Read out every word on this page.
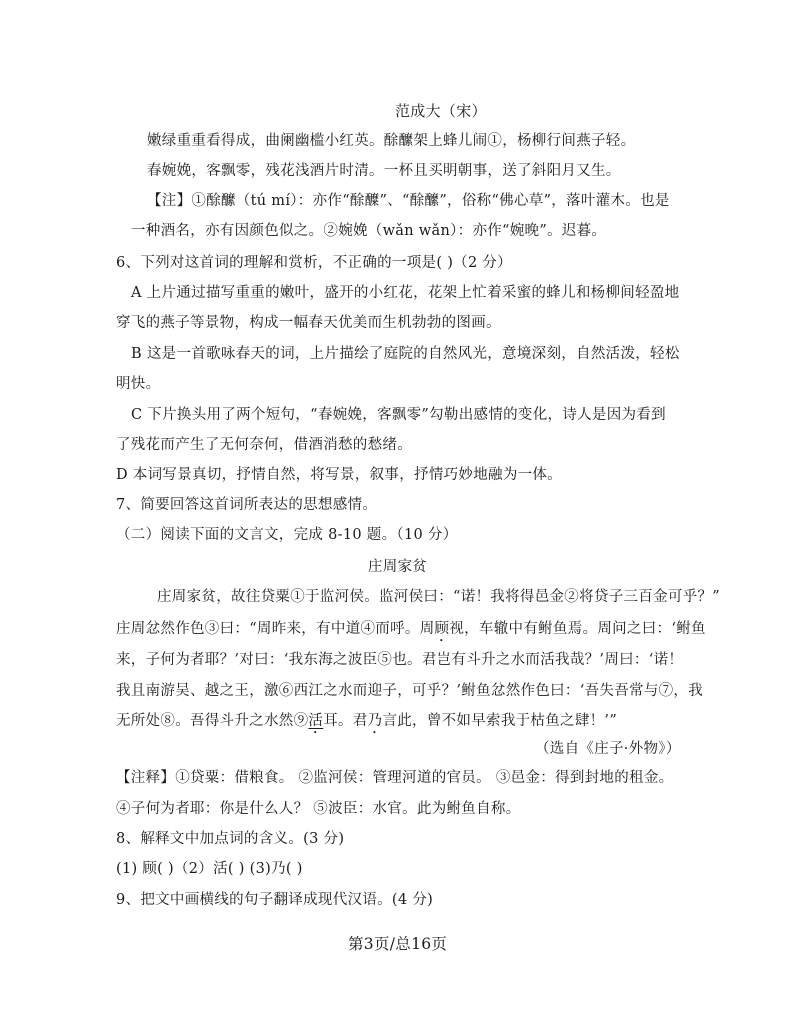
范成大（宋）
嫩绿重重看得成，曲阑幽槛小红英。酴醿架上蜂儿闹①，杨柳行间燕子轻。
春婉娩，客飘零，残花浅酒片时清。一杯且买明朝事，送了斜阳月又生。
【注】①酴醿（tú mí）：亦作“酴醾”、“酴醿”，俗称“佛心草”，落叶灌木。也是
一种酒名，亦有因颜色似之。②婉娩（wǎn wǎn）：亦作“婉晚”。迟暮。
6、下列对这首词的理解和赏析，不正确的一项是( )（2 分）
A 上片通过描写重重的嫩叶，盛开的小红花，花架上忙着采蜜的蜂儿和杨柳间轻盈地
穿飞的燕子等景物，构成一幅春天优美而生机勃勃的图画。
B 这是一首歌咏春天的词，上片描绘了庭院的自然风光，意境深刻，自然活泼，轻松
明快。
C 下片换头用了两个短句，“春婉娩，客飘零”勾勒出感情的变化，诗人是因为看到
了残花而产生了无何奈何，借酒消愁的愁绪。
D 本词写景真切，抒情自然，将写景，叙事，抒情巧妙地融为一体。
7、简要回答这首词所表达的思想感情。
（二）阅读下面的文言文，完成 8-10 题。（10 分）
庄周家贫
庄周家贫，故往贷粟①于监河侯。监河侯曰：“诺！我将得邑金②将贷子三百金可乎？”
庄周忿然作色③曰：“周昨来，有中道④而呼。周顾视，车辙中有鲋鱼焉。周问之曰：‘鲋鱼
来，子何为者耶？’对曰：‘我东海之波臣⑤也。君岂有斗升之水而活我哉？’周曰：‘诺！
我且南游吴、越之王，激⑥西江之水而迎子，可乎？’鲋鱼忿然作色曰：‘吾失吾常与⑦，我
无所处⑧。吾得斗升之水然⑨活耳。君乃言此，曾不如早索我于枯鱼之肆！’”
（选自《庄子·外物》）
【注释】①贷粟：借粮食。 ②监河侯：管理河道的官员。 ③邑金：得到封地的租金。
④子何为者耶：你是什么人？ ⑤波臣：水官。此为鲋鱼自称。
8、解释文中加点词的含义。(3 分)
(1) 顾( )（2）活( ) (3)乃( )
9、把文中画横线的句子翻译成现代汉语。(4 分)
第3页/总16页
